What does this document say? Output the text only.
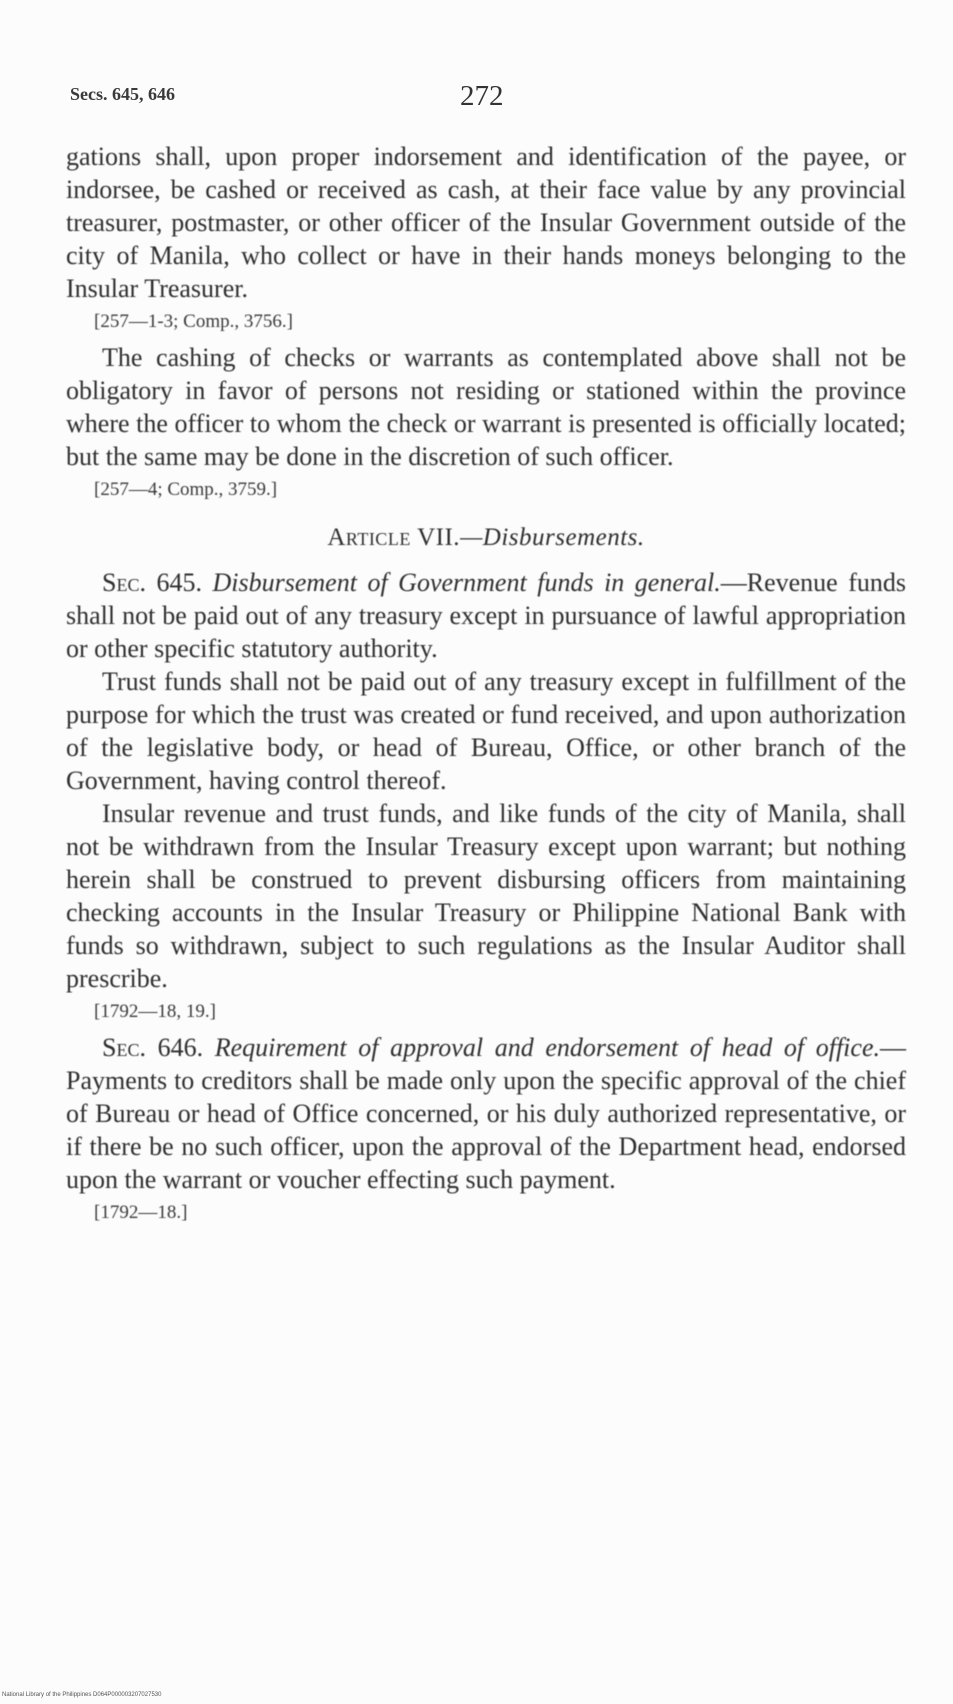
Secs. 645, 646	272

gations shall, upon proper indorsement and identification of the payee, or indorsee, be cashed or received as cash, at their face value by any provincial treasurer, postmaster, or other officer of the Insular Government outside of the city of Manila, who collect or have in their hands moneys belonging to the Insular Treasurer.

[257—1-3; Comp., 3756.]

The cashing of checks or warrants as contemplated above shall not be obligatory in favor of persons not residing or stationed within the province where the officer to whom the check or warrant is presented is officially located; but the same may be done in the discretion of such officer.

[257—4; Comp., 3759.]

Article VII.—Disbursements.

Sec. 645. Disbursement of Government funds in general.—Revenue funds shall not be paid out of any treasury except in pursuance of lawful appropriation or other specific statutory authority.

Trust funds shall not be paid out of any treasury except in fulfillment of the purpose for which the trust was created or fund received, and upon authorization of the legislative body, or head of Bureau, Office, or other branch of the Government, having control thereof.

Insular revenue and trust funds, and like funds of the city of Manila, shall not be withdrawn from the Insular Treasury except upon warrant; but nothing herein shall be construed to prevent disbursing officers from maintaining checking accounts in the Insular Treasury or Philippine National Bank with funds so withdrawn, subject to such regulations as the Insular Auditor shall prescribe.

[1792—18, 19.]

Sec. 646. Requirement of approval and endorsement of head of office.—Payments to creditors shall be made only upon the specific approval of the chief of Bureau or head of Office concerned, or his duly authorized representative, or if there be no such officer, upon the approval of the Department head, endorsed upon the warrant or voucher effecting such payment.

[1792—18.]

National Library of the Philippines D064P000003207027530
